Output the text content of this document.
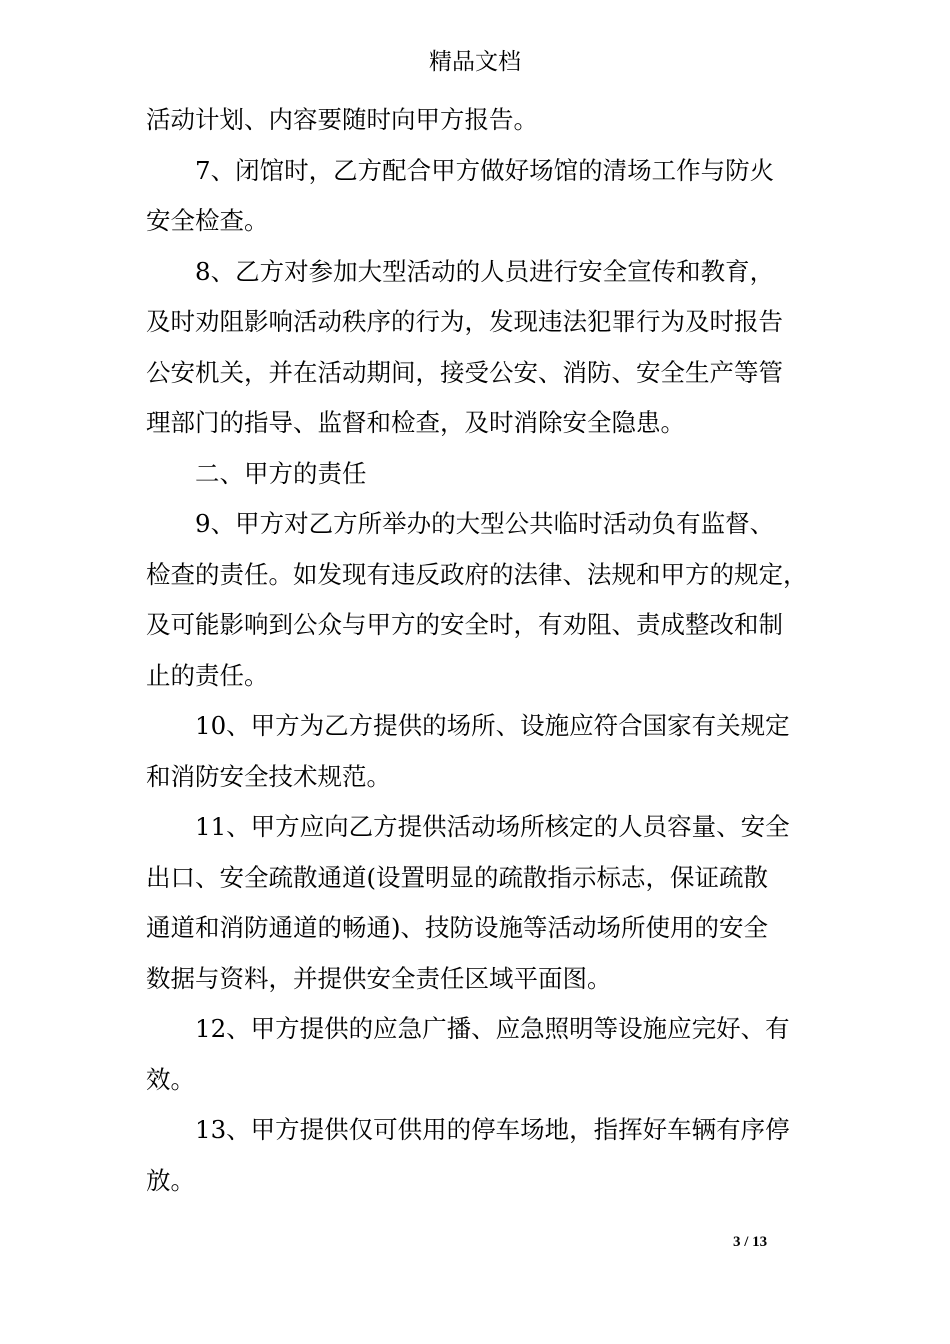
精品文档
活动计划、内容要随时向甲方报告。
7、闭馆时，乙方配合甲方做好场馆的清场工作与防火
安全检查。
8、乙方对参加大型活动的人员进行安全宣传和教育，
及时劝阻影响活动秩序的行为，发现违法犯罪行为及时报告
公安机关，并在活动期间，接受公安、消防、安全生产等管
理部门的指导、监督和检查，及时消除安全隐患。
二、甲方的责任
9、甲方对乙方所举办的大型公共临时活动负有监督、
检查的责任。如发现有违反政府的法律、法规和甲方的规定，
及可能影响到公众与甲方的安全时，有劝阻、责成整改和制
止的责任。
10、甲方为乙方提供的场所、设施应符合国家有关规定
和消防安全技术规范。
11、甲方应向乙方提供活动场所核定的人员容量、安全
出口、安全疏散通道(设置明显的疏散指示标志，保证疏散
通道和消防通道的畅通)、技防设施等活动场所使用的安全
数据与资料，并提供安全责任区域平面图。
12、甲方提供的应急广播、应急照明等设施应完好、有
效。
13、甲方提供仅可供用的停车场地，指挥好车辆有序停
放。
3 / 13
